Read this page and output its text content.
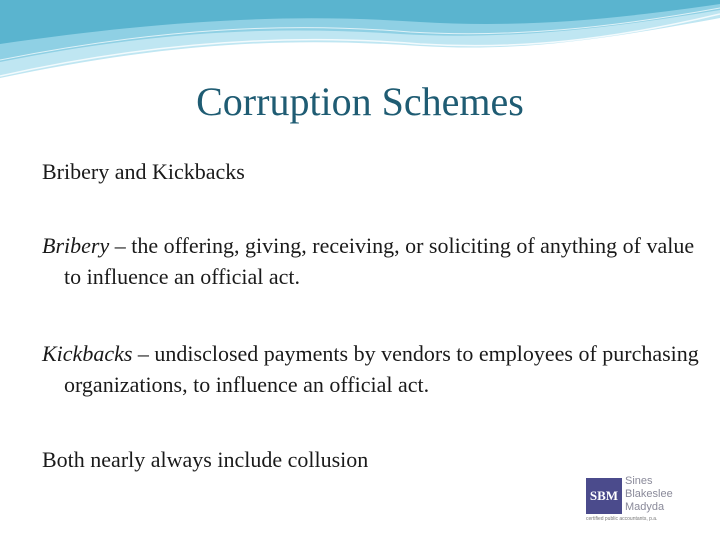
Corruption Schemes
Bribery and Kickbacks
Bribery – the offering, giving, receiving, or soliciting of anything of value to influence an official act.
Kickbacks – undisclosed payments by vendors to employees of purchasing organizations, to influence an official act.
Both nearly always include collusion
SBM
Sines
Blakeslee
Madyda
certified public accountants, p.a.
